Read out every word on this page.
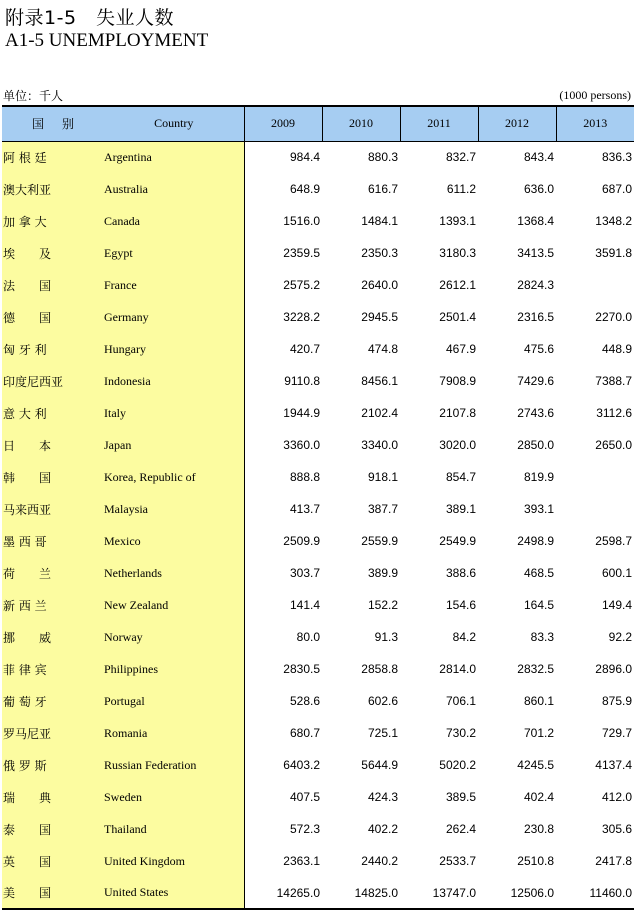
附录1-5　失业人数
A1-5 UNEMPLOYMENT
单位：千人	(1000 persons)
国别	Country	2009	2010	2011	2012	2013
阿 根 廷	Argentina	984.4	880.3	832.7	843.4	836.3
澳大利亚	Australia	648.9	616.7	611.2	636.0	687.0
加 拿 大	Canada	1516.0	1484.1	1393.1	1368.4	1348.2
埃　　及	Egypt	2359.5	2350.3	3180.3	3413.5	3591.8
法　　国	France	2575.2	2640.0	2612.1	2824.3	
德　　国	Germany	3228.2	2945.5	2501.4	2316.5	2270.0
匈 牙 利	Hungary	420.7	474.8	467.9	475.6	448.9
印度尼西亚	Indonesia	9110.8	8456.1	7908.9	7429.6	7388.7
意 大 利	Italy	1944.9	2102.4	2107.8	2743.6	3112.6
日　　本	Japan	3360.0	3340.0	3020.0	2850.0	2650.0
韩　　国	Korea, Republic of	888.8	918.1	854.7	819.9	
马来西亚	Malaysia	413.7	387.7	389.1	393.1	
墨 西 哥	Mexico	2509.9	2559.9	2549.9	2498.9	2598.7
荷　　兰	Netherlands	303.7	389.9	388.6	468.5	600.1
新 西 兰	New Zealand	141.4	152.2	154.6	164.5	149.4
挪　　威	Norway	80.0	91.3	84.2	83.3	92.2
菲 律 宾	Philippines	2830.5	2858.8	2814.0	2832.5	2896.0
葡 萄 牙	Portugal	528.6	602.6	706.1	860.1	875.9
罗马尼亚	Romania	680.7	725.1	730.2	701.2	729.7
俄 罗 斯	Russian Federation	6403.2	5644.9	5020.2	4245.5	4137.4
瑞　　典	Sweden	407.5	424.3	389.5	402.4	412.0
泰　　国	Thailand	572.3	402.2	262.4	230.8	305.6
英　　国	United Kingdom	2363.1	2440.2	2533.7	2510.8	2417.8
美　　国	United States	14265.0	14825.0	13747.0	12506.0	11460.0
